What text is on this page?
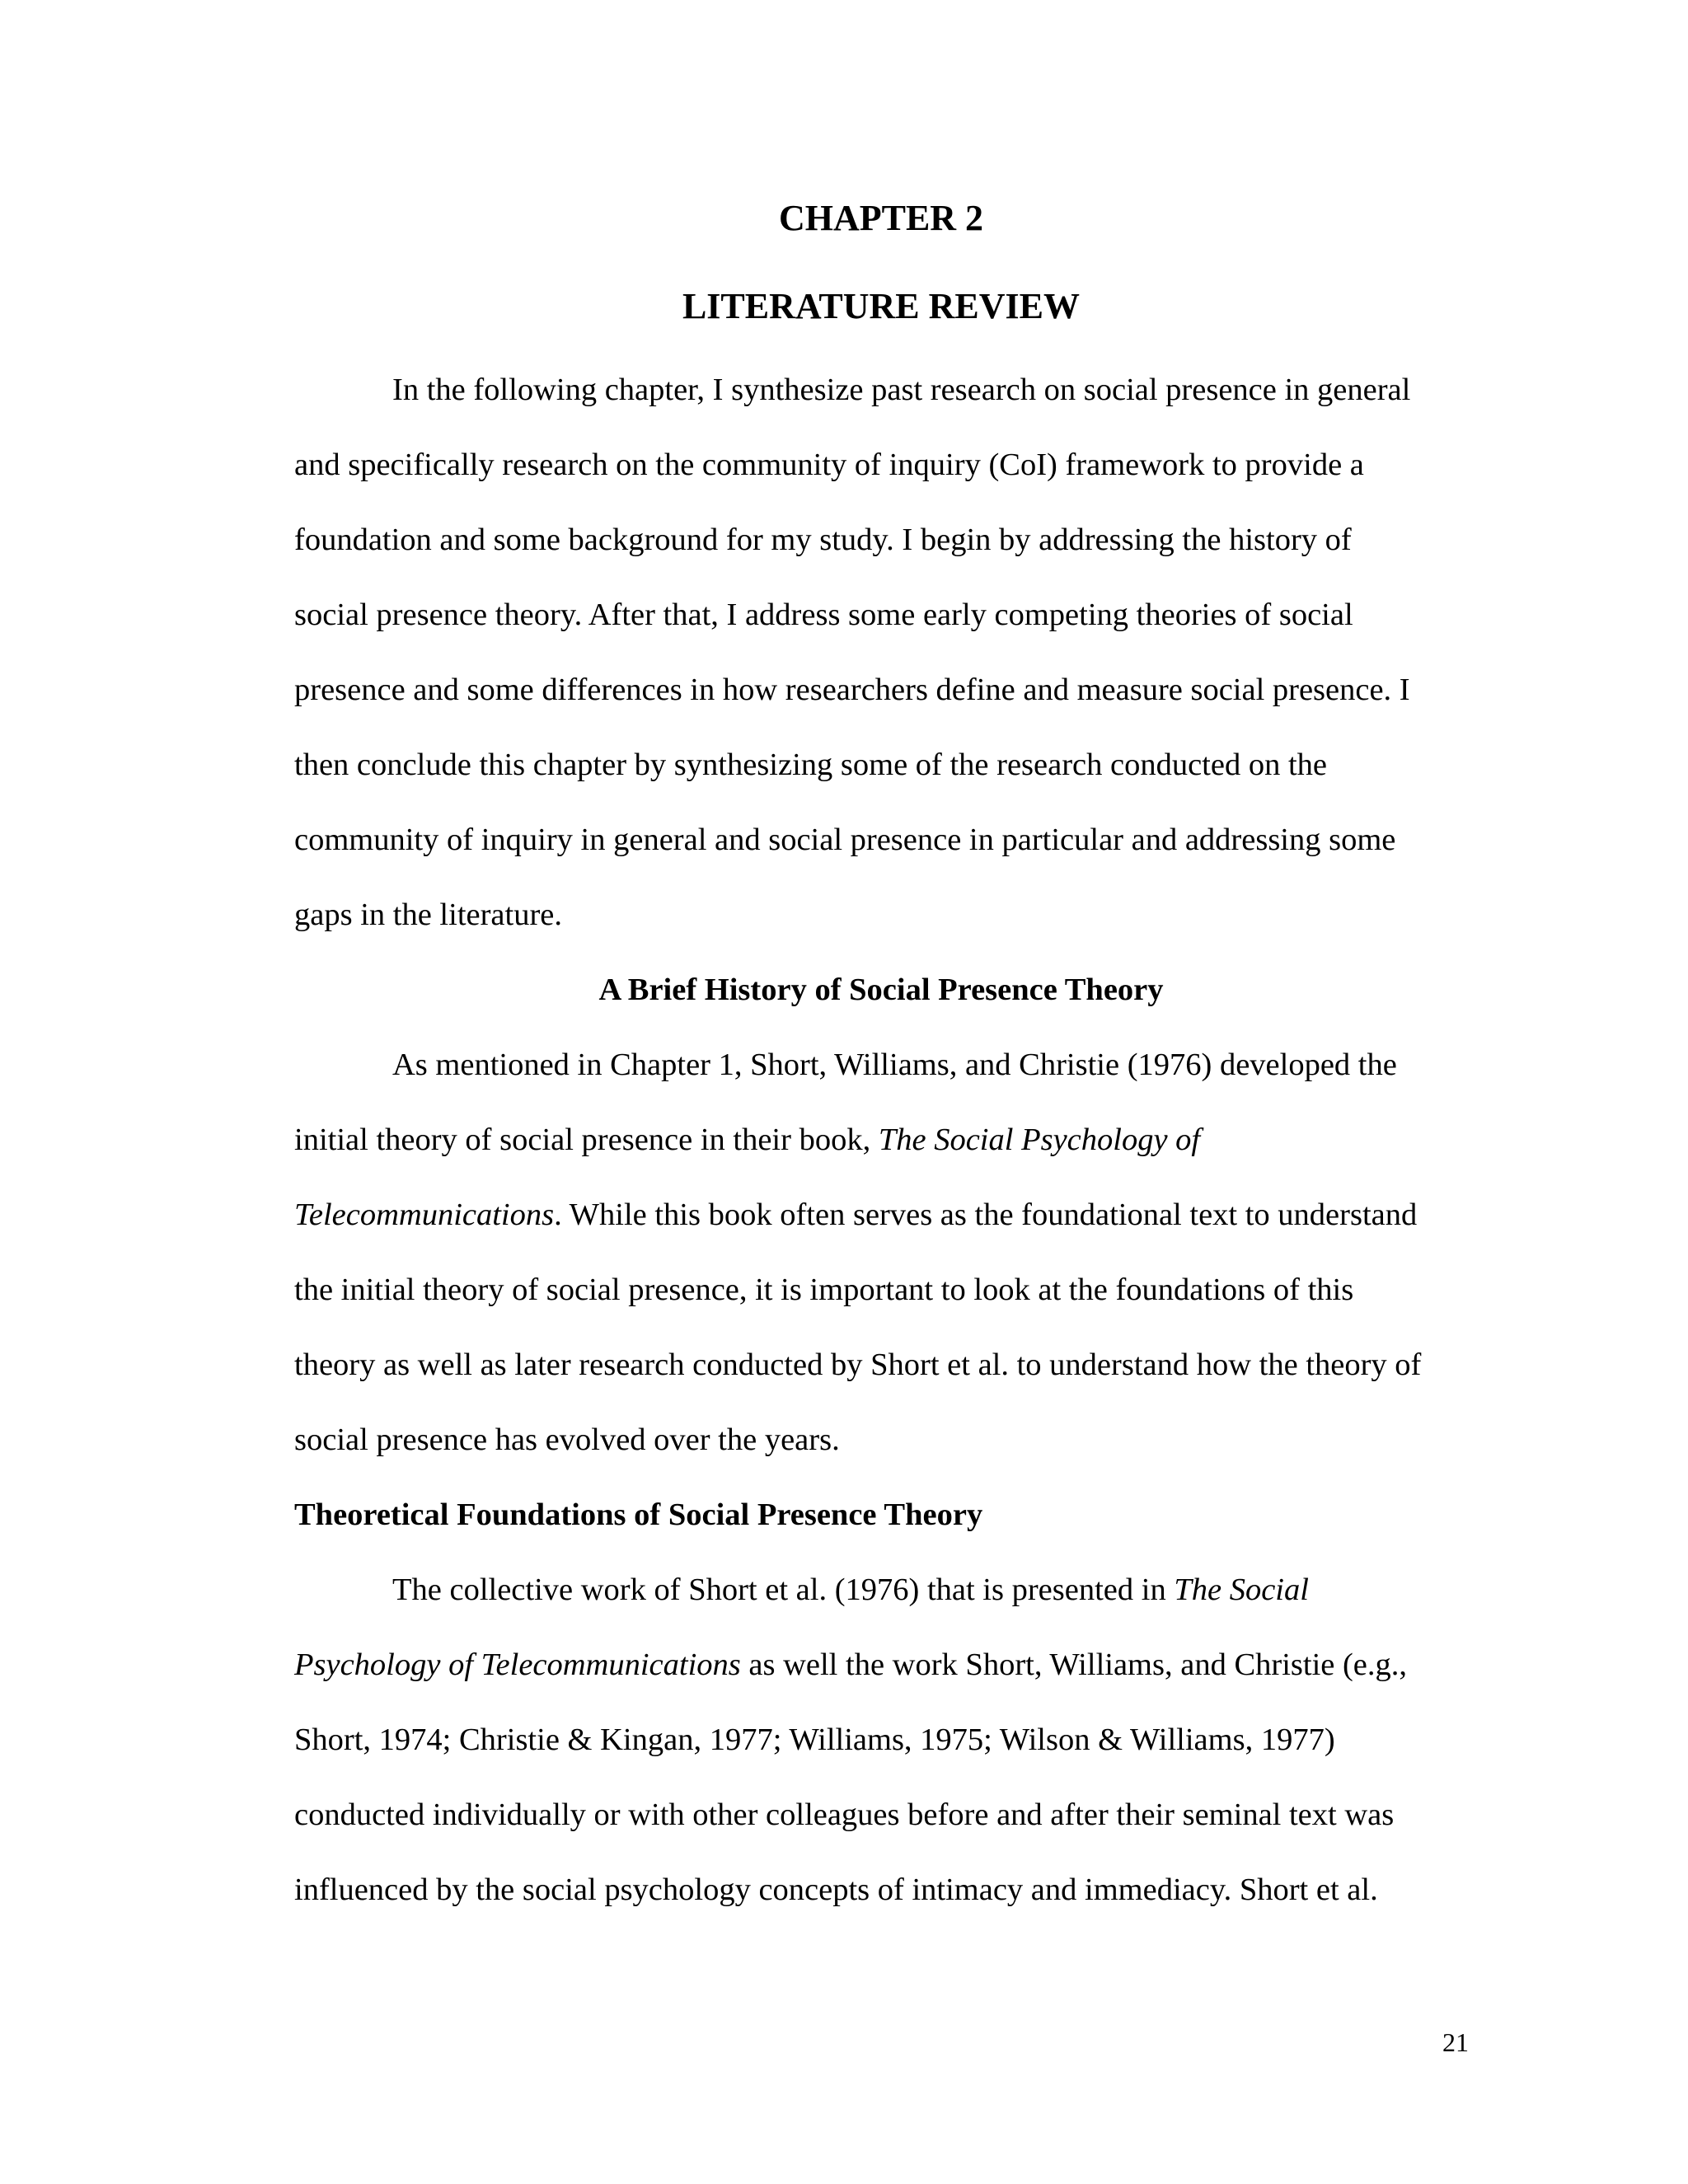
CHAPTER 2
LITERATURE REVIEW

In the following chapter, I synthesize past research on social presence in general

and specifically research on the community of inquiry (CoI) framework to provide a

foundation and some background for my study. I begin by addressing the history of

social presence theory. After that, I address some early competing theories of social

presence and some differences in how researchers define and measure social presence. I

then conclude this chapter by synthesizing some of the research conducted on the

community of inquiry in general and social presence in particular and addressing some

gaps in the literature.

A Brief History of Social Presence Theory

As mentioned in Chapter 1, Short, Williams, and Christie (1976) developed the

initial theory of social presence in their book, The Social Psychology of

Telecommunications. While this book often serves as the foundational text to understand

the initial theory of social presence, it is important to look at the foundations of this

theory as well as later research conducted by Short et al. to understand how the theory of

social presence has evolved over the years.

Theoretical Foundations of Social Presence Theory

The collective work of Short et al. (1976) that is presented in The Social

Psychology of Telecommunications as well the work Short, Williams, and Christie (e.g.,

Short, 1974; Christie & Kingan, 1977; Williams, 1975; Wilson & Williams, 1977)

conducted individually or with other colleagues before and after their seminal text was

influenced by the social psychology concepts of intimacy and immediacy. Short et al.

21
